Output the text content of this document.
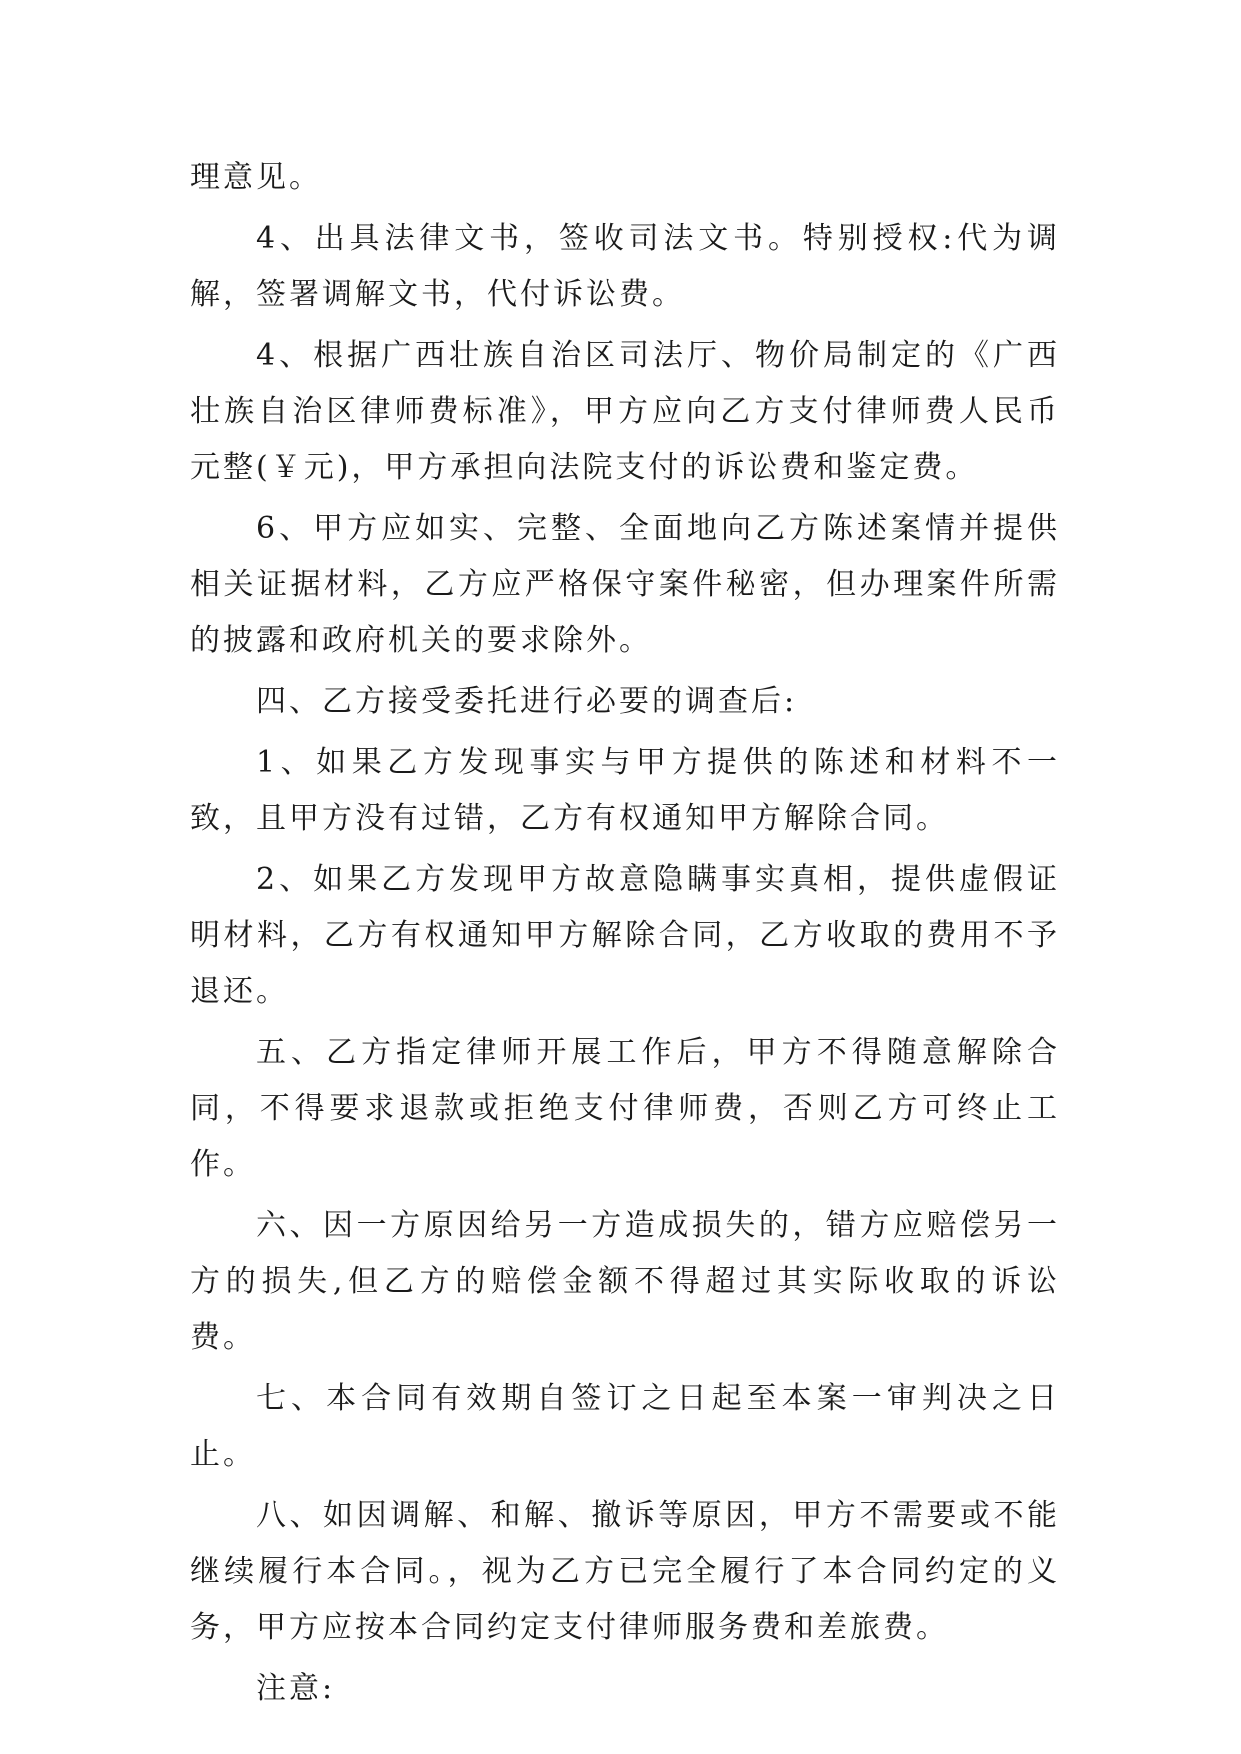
理意见。

4、出具法律文书，签收司法文书。特别授权:代为调解，签署调解文书，代付诉讼费。

4、根据广西壮族自治区司法厅、物价局制定的《广西壮族自治区律师费标准》，甲方应向乙方支付律师费人民币元整(￥元)，甲方承担向法院支付的诉讼费和鉴定费。

6、甲方应如实、完整、全面地向乙方陈述案情并提供相关证据材料，乙方应严格保守案件秘密，但办理案件所需的披露和政府机关的要求除外。

四、乙方接受委托进行必要的调查后:

1、如果乙方发现事实与甲方提供的陈述和材料不一致，且甲方没有过错，乙方有权通知甲方解除合同。

2、如果乙方发现甲方故意隐瞒事实真相，提供虚假证明材料，乙方有权通知甲方解除合同，乙方收取的费用不予退还。

五、乙方指定律师开展工作后，甲方不得随意解除合同，不得要求退款或拒绝支付律师费，否则乙方可终止工作。

六、因一方原因给另一方造成损失的，错方应赔偿另一方的损失,但乙方的赔偿金额不得超过其实际收取的诉讼费。

七、本合同有效期自签订之日起至本案一审判决之日止。

八、如因调解、和解、撤诉等原因，甲方不需要或不能继续履行本合同。，视为乙方已完全履行了本合同约定的义务，甲方应按本合同约定支付律师服务费和差旅费。

注意:
